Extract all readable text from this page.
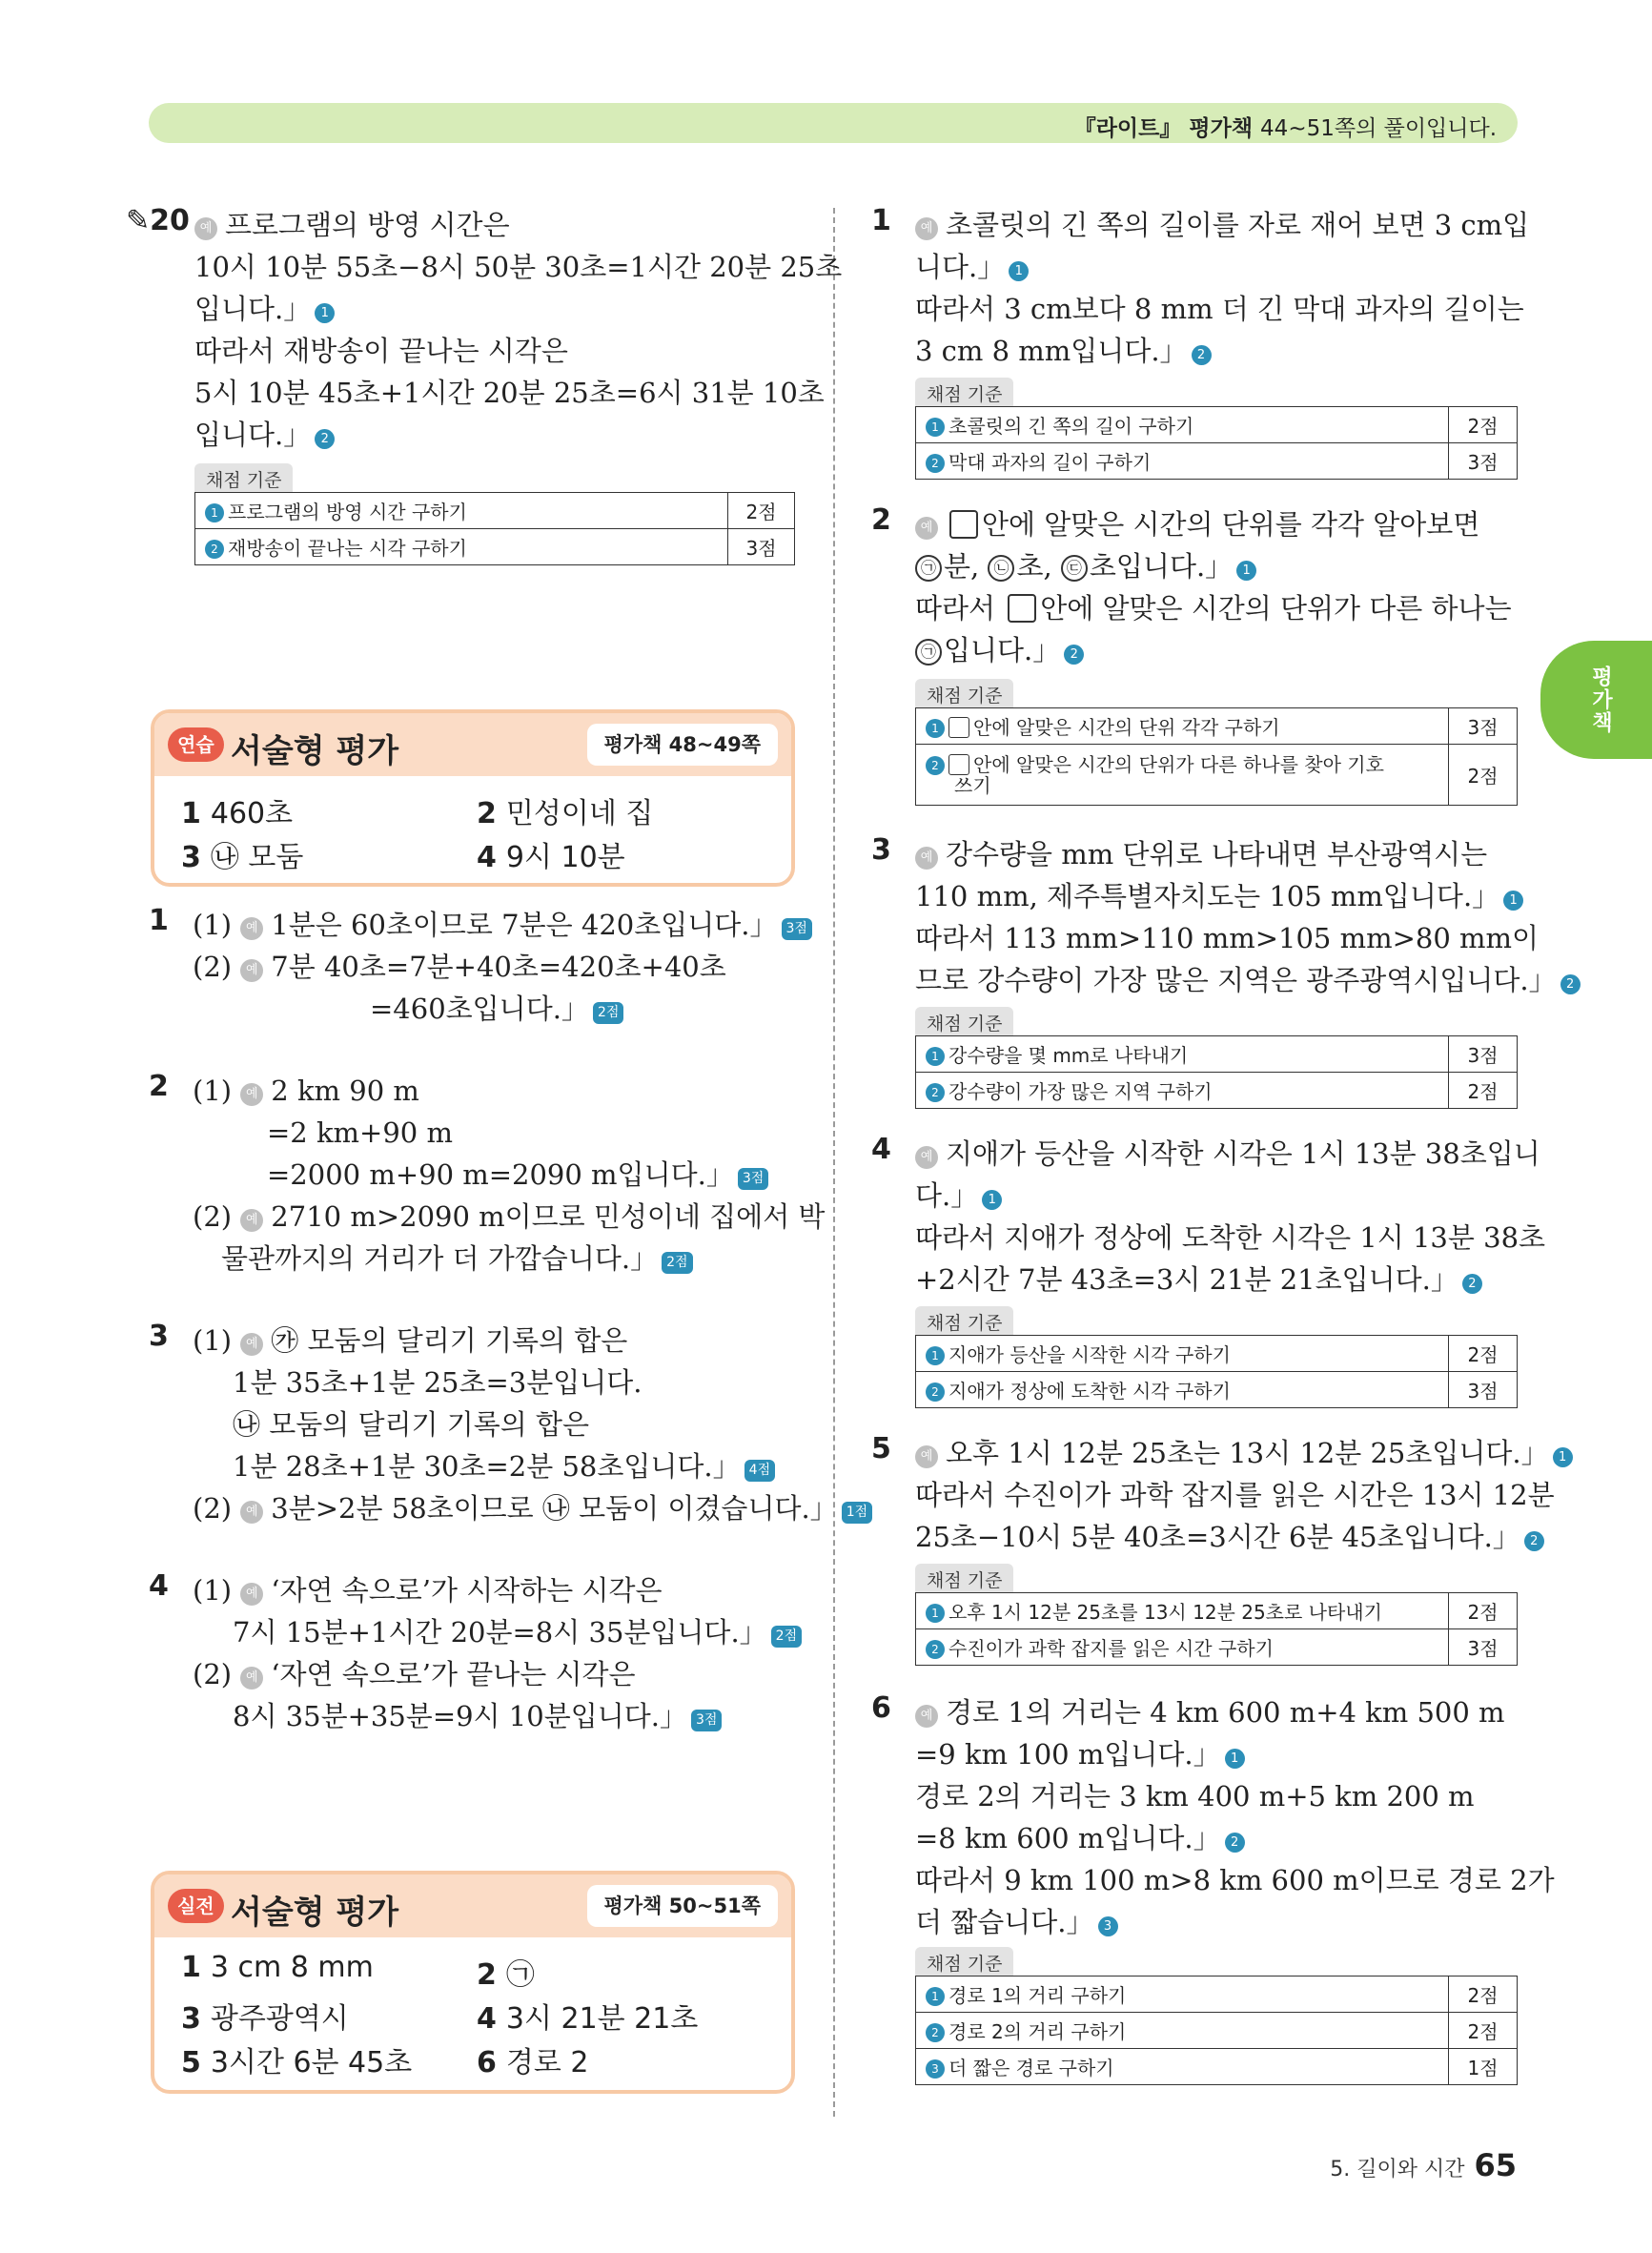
『라이트』 평가책 44~51쪽의 풀이입니다.
평가책
✎20 예 프로그램의 방영 시간은
10시 10분 55초−8시 50분 30초=1시간 20분 25초
입니다.」 1
따라서 재방송이 끝나는 시각은
5시 10분 45초+1시간 20분 25초=6시 31분 10초
입니다.」 2
채점 기준
1 프로그램의 방영 시간 구하기	2점
2 재방송이 끝나는 시각 구하기	3점
연습 서술형 평가	평가책 48~49쪽
1 460초	2 민성이네 집
3 ㉯ 모둠	4 9시 10분
1 (1) 예 1분은 60초이므로 7분은 420초입니다.」 3점
(2) 예 7분 40초=7분+40초=420초+40초
=460초입니다.」 2점
2 (1) 예 2 km 90 m
=2 km+90 m
=2000 m+90 m=2090 m입니다.」 3점
(2) 예 2710 m>2090 m이므로 민성이네 집에서 박
물관까지의 거리가 더 가깝습니다.」 2점
3 (1) 예 ㉮ 모둠의 달리기 기록의 합은
1분 35초+1분 25초=3분입니다.
㉯ 모둠의 달리기 기록의 합은
1분 28초+1분 30초=2분 58초입니다.」 4점
(2) 예 3분>2분 58초이므로 ㉯ 모둠이 이겼습니다.」 1점
4 (1) 예 ‘자연 속으로’가 시작하는 시각은
7시 15분+1시간 20분=8시 35분입니다.」 2점
(2) 예 ‘자연 속으로’가 끝나는 시각은
8시 35분+35분=9시 10분입니다.」 3점
실전 서술형 평가	평가책 50~51쪽
1 3 cm 8 mm	2 ㉠
3 광주광역시	4 3시 21분 21초
5 3시간 6분 45초 6 경로 2
1	예 초콜릿의 긴 쪽의 길이를 자로 재어 보면 3 cm입
니다.」 1
따라서 3 cm보다 8 mm 더 긴 막대 과자의 길이는
3 cm 8 mm입니다.」 2
채점 기준
1 초콜릿의 긴 쪽의 길이 구하기	2점
2 막대 과자의 길이 구하기	3점
2	예 안에 알맞은 시간의 단위를 각각 알아보면
㉠ 분, ㉡ 초, ㉢ 초입니다.」 1
따라서 안에 알맞은 시간의 단위가 다른 하나는
㉠ 입니다.」 2
채점 기준
1 안에 알맞은 시간의 단위 각각 구하기	3점
2 안에 알맞은 시간의 단위가 다른 하나를 찾아 기호
쓰기	2점
3	예 강수량을 mm 단위로 나타내면 부산광역시는
110 mm, 제주특별자치도는 105 mm입니다.」 1
따라서 113 mm>110 mm>105 mm>80 mm이
므로 강수량이 가장 많은 지역은 광주광역시입니다.」 2
채점 기준
1 강수량을 몇 mm로 나타내기	3점
2 강수량이 가장 많은 지역 구하기	2점
4	예 지애가 등산을 시작한 시각은 1시 13분 38초입니
다.」 1
따라서 지애가 정상에 도착한 시각은 1시 13분 38초
+2시간 7분 43초=3시 21분 21초입니다.」 2
채점 기준
1 지애가 등산을 시작한 시각 구하기	2점
2 지애가 정상에 도착한 시각 구하기	3점
5	예 오후 1시 12분 25초는 13시 12분 25초입니다.」 1
따라서 수진이가 과학 잡지를 읽은 시간은 13시 12분
25초−10시 5분 40초=3시간 6분 45초입니다.」 2
채점 기준
1 오후 1시 12분 25초를 13시 12분 25초로 나타내기	2점
2 수진이가 과학 잡지를 읽은 시간 구하기	3점
6	예 경로 1의 거리는 4 km 600 m+4 km 500 m
=9 km 100 m입니다.」 1
경로 2의 거리는 3 km 400 m+5 km 200 m
=8 km 600 m입니다.」 2
따라서 9 km 100 m>8 km 600 m이므로 경로 2가
더 짧습니다.」 3
채점 기준
1 경로 1의 거리 구하기	2점
2 경로 2의 거리 구하기	2점
3 더 짧은 경로 구하기	1점
5. 길이와 시간 65
